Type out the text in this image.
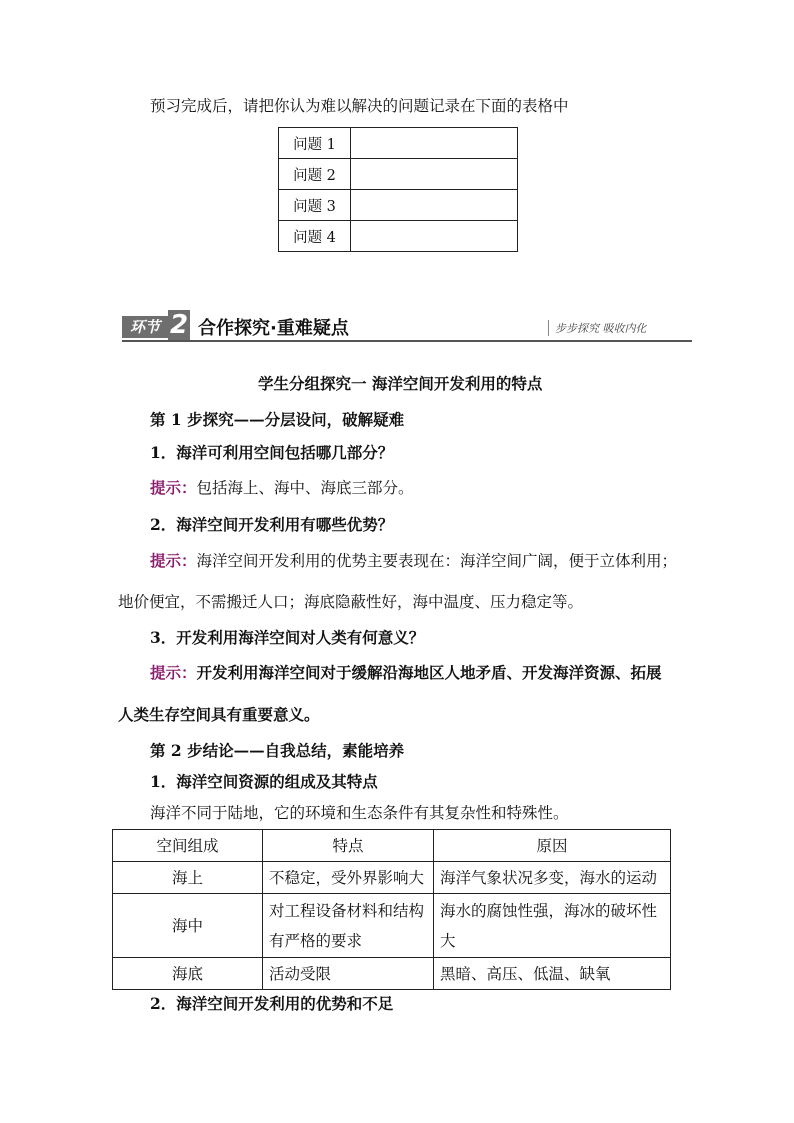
预习完成后，请把你认为难以解决的问题记录在下面的表格中
问题 1	
问题 2	
问题 3	
问题 4	
环节 2 合作探究·重难疑点	步步探究 吸收内化
学生分组探究一 海洋空间开发利用的特点
第 1 步探究——分层设问，破解疑难
1．海洋可利用空间包括哪几部分？
提示：包括海上、海中、海底三部分。
2．海洋空间开发利用有哪些优势？
提示：海洋空间开发利用的优势主要表现在：海洋空间广阔，便于立体利用；
地价便宜，不需搬迁人口；海底隐蔽性好，海中温度、压力稳定等。
3．开发利用海洋空间对人类有何意义？
提示：开发利用海洋空间对于缓解沿海地区人地矛盾、开发海洋资源、拓展
人类生存空间具有重要意义。
第 2 步结论——自我总结，素能培养
1．海洋空间资源的组成及其特点
海洋不同于陆地，它的环境和生态条件有其复杂性和特殊性。
空间组成	特点	原因
海上	不稳定，受外界影响大	海洋气象状况多变，海水的运动
海中	对工程设备材料和结构有严格的要求	海水的腐蚀性强，海冰的破坏性大
海底	活动受限	黑暗、高压、低温、缺氧
2．海洋空间开发利用的优势和不足
